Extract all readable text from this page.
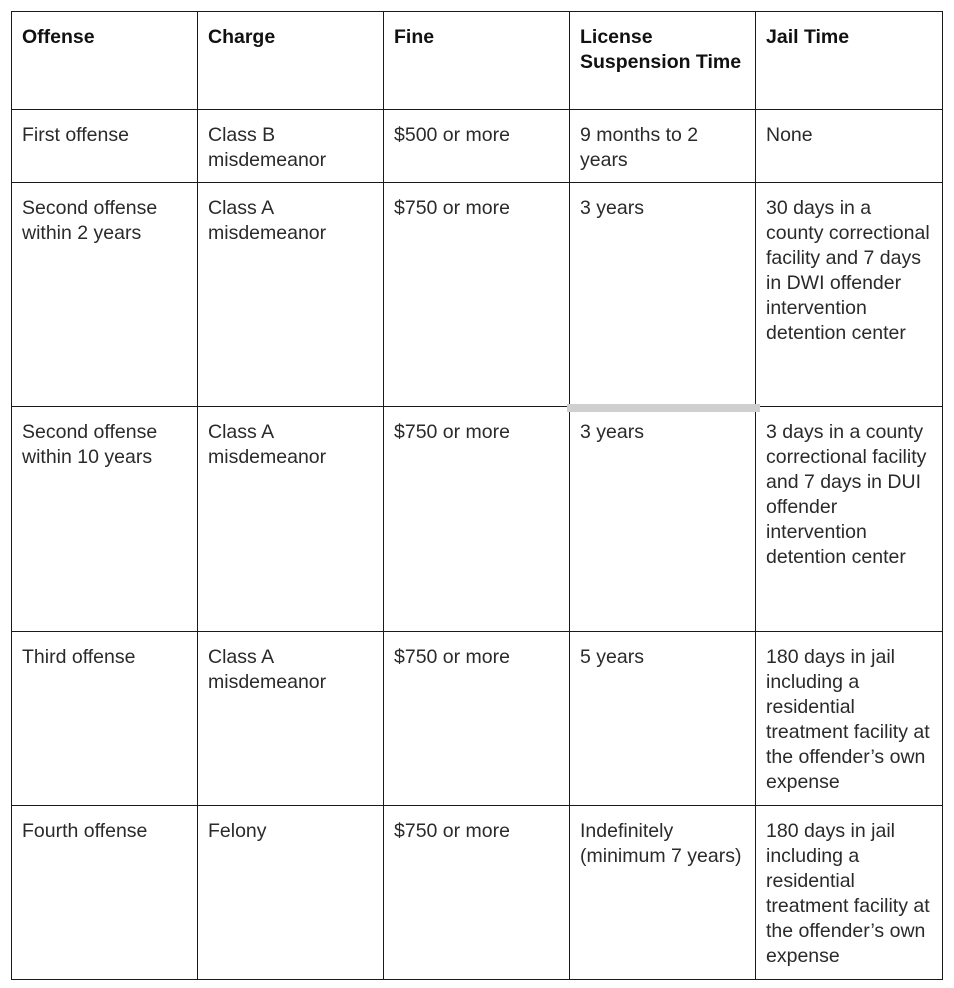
Offense	Charge	Fine	License Suspension Time	Jail Time
First offense	Class B misdemeanor	$500 or more	9 months to 2 years	None
Second offense within 2 years	Class A misdemeanor	$750 or more	3 years	30 days in a county correctional facility and 7 days in DWI offender intervention detention center
Second offense within 10 years	Class A misdemeanor	$750 or more	3 years	3 days in a county correctional facility and 7 days in DUI offender intervention detention center
Third offense	Class A misdemeanor	$750 or more	5 years	180 days in jail including a residential treatment facility at the offender’s own expense
Fourth offense	Felony	$750 or more	Indefinitely (minimum 7 years)	180 days in jail including a residential treatment facility at the offender’s own expense
